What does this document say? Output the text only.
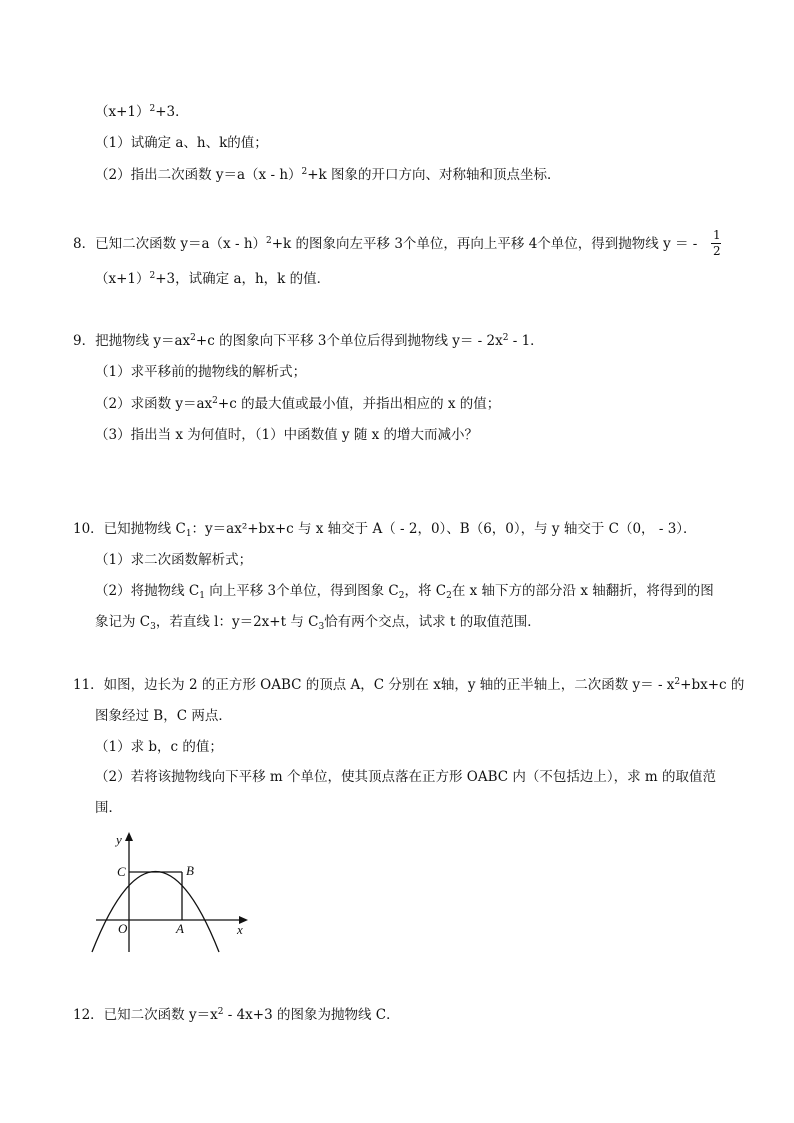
$(x+1)^2+3$．
（1）试确定 a、h、k的值；
（2）指出二次函数 y＝a（x - h）$^2$+k 图象的开口方向、对称轴和顶点坐标．
8．已知二次函数 y＝a（x - h）$^2$+k 的图象向左平移 3个单位，再向上平移 4个单位，得到抛物线 y ＝ -
1
2
$(x+1)^2+3$，试确定 a，h，k 的值．
9．把抛物线 $y=ax^2+c$ 的图象向下平移 3个单位后得到抛物线 $y= - 2x^2 - 1$．
（1）求平移前的抛物线的解析式；
（2）求函数 $y=ax^2+c$ 的最大值或最小值，并指出相应的 x 的值；
（3）指出当 x 为何值时，（1）中函数值 y 随 x 的增大而减小？
10．已知抛物线 $C_1$：y＝ax²+bx+c 与 x 轴交于 A（ - 2，0）、B（6，0），与 y 轴交于 C（0， - 3）．
（1）求二次函数解析式；
（2）将抛物线 $C_1$ 向上平移 3个单位，得到图象 $C_2$，将 $C_2$在 x 轴下方的部分沿 x 轴翻折，将得到的图
象记为 $C_3$，若直线 l：y＝2x+t 与 $C_3$恰有两个交点，试求 t 的取值范围．
11．如图，边长为 2 的正方形 OABC 的顶点 A，C 分别在 x轴，y 轴的正半轴上，二次函数 $y= - x^2+bx+c$ 的
图象经过 B，C 两点．
（1）求 b，c 的值；
（2）若将该抛物线向下平移 m 个单位，使其顶点落在正方形 OABC 内（不包括边上），求 m 的取值范
围．
y
C	B
O	A	x
12．已知二次函数 $y=x^2 - 4x+3$ 的图象为抛物线 C．
